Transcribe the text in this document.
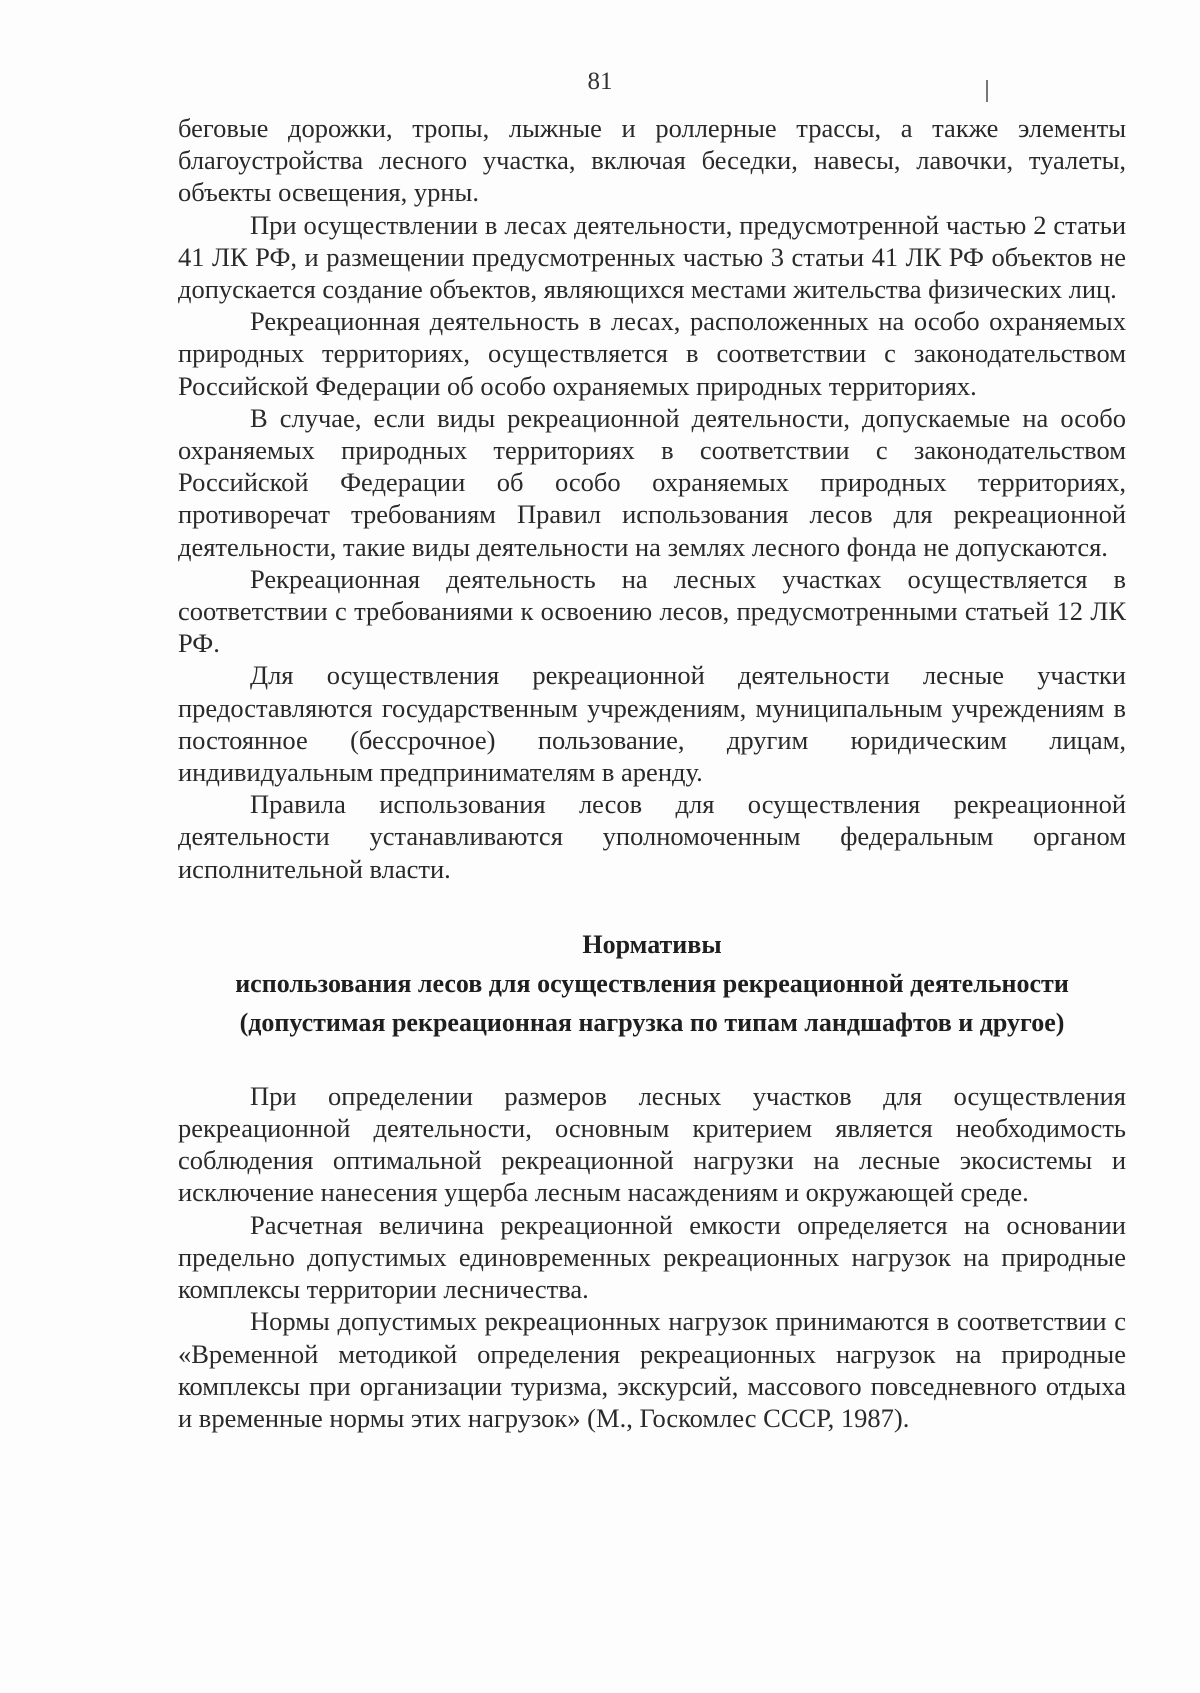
81

беговые дорожки, тропы, лыжные и роллерные трассы, а также элементы благоустройства лесного участка, включая беседки, навесы, лавочки, туалеты, объекты освещения, урны.

При осуществлении в лесах деятельности, предусмотренной частью 2 статьи 41 ЛК РФ, и размещении предусмотренных частью 3 статьи 41 ЛК РФ объектов не допускается создание объектов, являющихся местами жительства физических лиц.

Рекреационная деятельность в лесах, расположенных на особо охраняемых природных территориях, осуществляется в соответствии с законодательством Российской Федерации об особо охраняемых природных территориях.

В случае, если виды рекреационной деятельности, допускаемые на особо охраняемых природных территориях в соответствии с законодательством Российской Федерации об особо охраняемых природных территориях, противоречат требованиям Правил использования лесов для рекреационной деятельности, такие виды деятельности на землях лесного фонда не допускаются.

Рекреационная деятельность на лесных участках осуществляется в соответствии с требованиями к освоению лесов, предусмотренными статьей 12 ЛК РФ.

Для осуществления рекреационной деятельности лесные участки предоставляются государственным учреждениям, муниципальным учреждениям в постоянное (бессрочное) пользование, другим юридическим лицам, индивидуальным предпринимателям в аренду.

Правила использования лесов для осуществления рекреационной деятельности устанавливаются уполномоченным федеральным органом исполнительной власти.

Нормативы
использования лесов для осуществления рекреационной деятельности
(допустимая рекреационная нагрузка по типам ландшафтов и другое)

При определении размеров лесных участков для осуществления рекреационной деятельности, основным критерием является необходимость соблюдения оптимальной рекреационной нагрузки на лесные экосистемы и исключение нанесения ущерба лесным насаждениям и окружающей среде.

Расчетная величина рекреационной емкости определяется на основании предельно допустимых единовременных рекреационных нагрузок на природные комплексы территории лесничества.

Нормы допустимых рекреационных нагрузок принимаются в соответствии с «Временной методикой определения рекреационных нагрузок на природные комплексы при организации туризма, экскурсий, массового повседневного отдыха и временные нормы этих нагрузок» (М., Госкомлес СССР, 1987).
